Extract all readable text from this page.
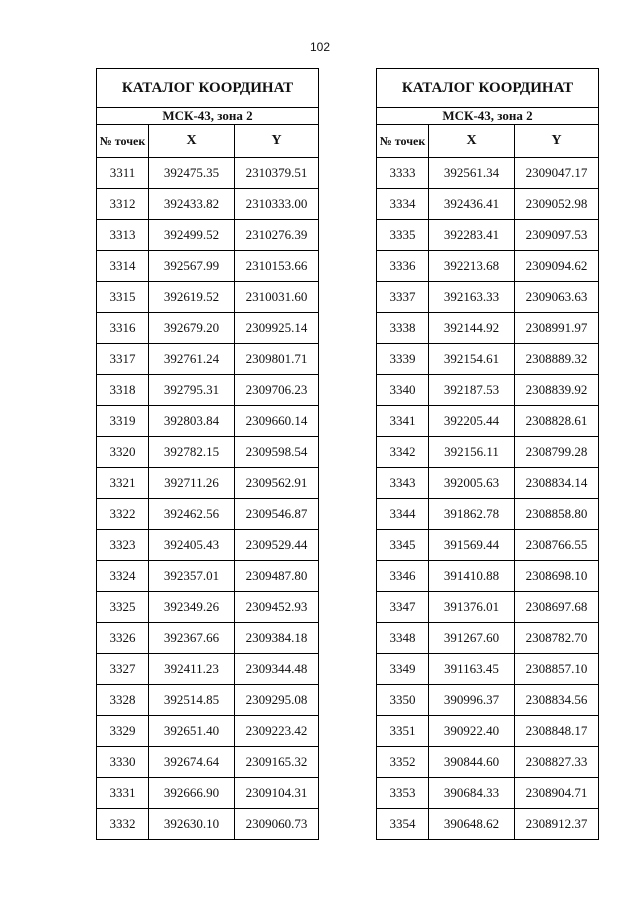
102
КАТАЛОГ КООРДИНАТ		
МСК-43, зона 2		
№ точек	X	Y
3311	392475.35	2310379.51
3312	392433.82	2310333.00
3313	392499.52	2310276.39
3314	392567.99	2310153.66
3315	392619.52	2310031.60
3316	392679.20	2309925.14
3317	392761.24	2309801.71
3318	392795.31	2309706.23
3319	392803.84	2309660.14
3320	392782.15	2309598.54
3321	392711.26	2309562.91
3322	392462.56	2309546.87
3323	392405.43	2309529.44
3324	392357.01	2309487.80
3325	392349.26	2309452.93
3326	392367.66	2309384.18
3327	392411.23	2309344.48
3328	392514.85	2309295.08
3329	392651.40	2309223.42
3330	392674.64	2309165.32
3331	392666.90	2309104.31
3332	392630.10	2309060.73
КАТАЛОГ КООРДИНАТ		
МСК-43, зона 2		
№ точек	X	Y
3333	392561.34	2309047.17
3334	392436.41	2309052.98
3335	392283.41	2309097.53
3336	392213.68	2309094.62
3337	392163.33	2309063.63
3338	392144.92	2308991.97
3339	392154.61	2308889.32
3340	392187.53	2308839.92
3341	392205.44	2308828.61
3342	392156.11	2308799.28
3343	392005.63	2308834.14
3344	391862.78	2308858.80
3345	391569.44	2308766.55
3346	391410.88	2308698.10
3347	391376.01	2308697.68
3348	391267.60	2308782.70
3349	391163.45	2308857.10
3350	390996.37	2308834.56
3351	390922.40	2308848.17
3352	390844.60	2308827.33
3353	390684.33	2308904.71
3354	390648.62	2308912.37
